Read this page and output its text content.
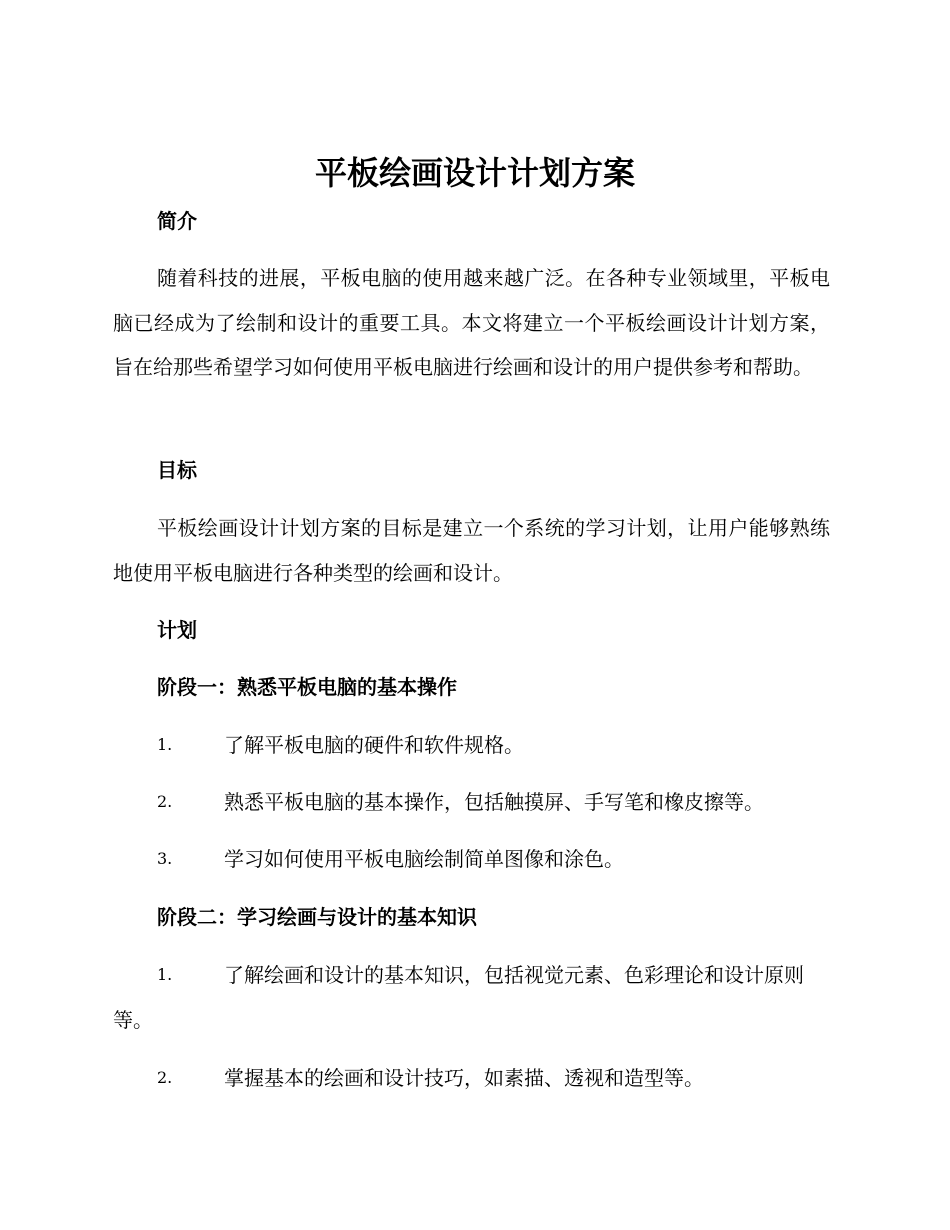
平板绘画设计计划方案
简介
随着科技的进展，平板电脑的使用越来越广泛。在各种专业领域里，平板电脑已经成为了绘制和设计的重要工具。本文将建立一个平板绘画设计计划方案，旨在给那些希望学习如何使用平板电脑进行绘画和设计的用户提供参考和帮助。
目标
平板绘画设计计划方案的目标是建立一个系统的学习计划，让用户能够熟练地使用平板电脑进行各种类型的绘画和设计。
计划
阶段一：熟悉平板电脑的基本操作
1.	了解平板电脑的硬件和软件规格。
2.	熟悉平板电脑的基本操作，包括触摸屏、手写笔和橡皮擦等。
3.	学习如何使用平板电脑绘制简单图像和涂色。
阶段二：学习绘画与设计的基本知识
1.	了解绘画和设计的基本知识，包括视觉元素、色彩理论和设计原则等。
2.	掌握基本的绘画和设计技巧，如素描、透视和造型等。
